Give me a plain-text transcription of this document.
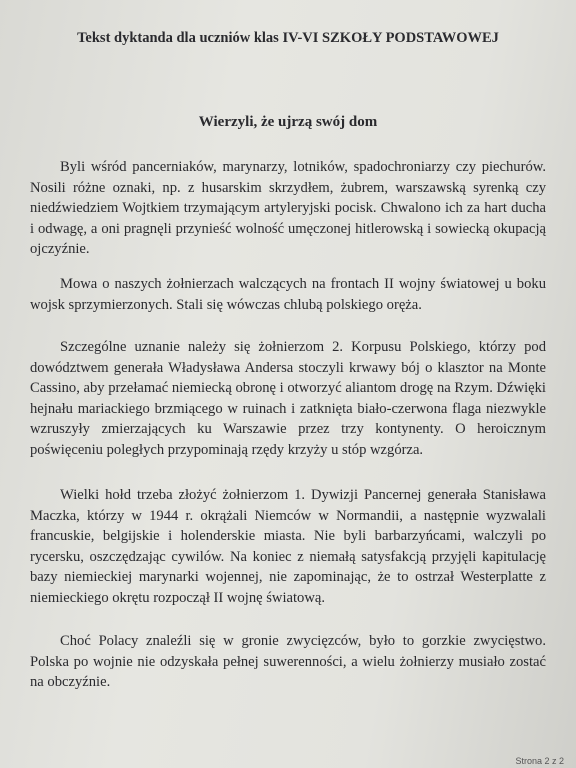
Tekst dyktanda dla uczniów klas IV-VI SZKOŁY PODSTAWOWEJ
Wierzyli, że ujrzą swój dom

Byli wśród pancerniaków, marynarzy, lotników, spadochroniarzy czy piechurów. Nosili różne oznaki, np. z husarskim skrzydłem, żubrem, warszawską syrenką czy niedźwiedziem Wojtkiem trzymającym artyleryjski pocisk. Chwalono ich za hart ducha i odwagę, a oni pragnęli przynieść wolność umęczonej hitlerowską i sowiecką okupacją ojczyźnie.

Mowa o naszych żołnierzach walczących na frontach II wojny światowej u boku wojsk sprzymierzonych. Stali się wówczas chlubą polskiego oręża.

Szczególne uznanie należy się żołnierzom 2. Korpusu Polskiego, którzy pod dowództwem generała Władysława Andersa stoczyli krwawy bój o klasztor na Monte Cassino, aby przełamać niemiecką obronę i otworzyć aliantom drogę na Rzym. Dźwięki hejnału mariackiego brzmiącego w ruinach i zatknięta biało-czerwona flaga niezwykle wzruszyły zmierzających ku Warszawie przez trzy kontynenty. O heroicznym poświęceniu poległych przypominają rzędy krzyży u stóp wzgórza.

Wielki hołd trzeba złożyć żołnierzom 1. Dywizji Pancernej generała Stanisława Maczka, którzy w 1944 r. okrążali Niemców w Normandii, a następnie wyzwalali francuskie, belgijskie i holenderskie miasta. Nie byli barbarzyńcami, walczyli po rycersku, oszczędzając cywilów. Na koniec z niemałą satysfakcją przyjęli kapitulację bazy niemieckiej marynarki wojennej, nie zapominając, że to ostrzał Westerplatte z niemieckiego okrętu rozpoczął II wojnę światową.

Choć Polacy znaleźli się w gronie zwycięzców, było to gorzkie zwycięstwo. Polska po wojnie nie odzyskała pełnej suwerenności, a wielu żołnierzy musiało zostać na obczyźnie.

Strona 2 z 2
